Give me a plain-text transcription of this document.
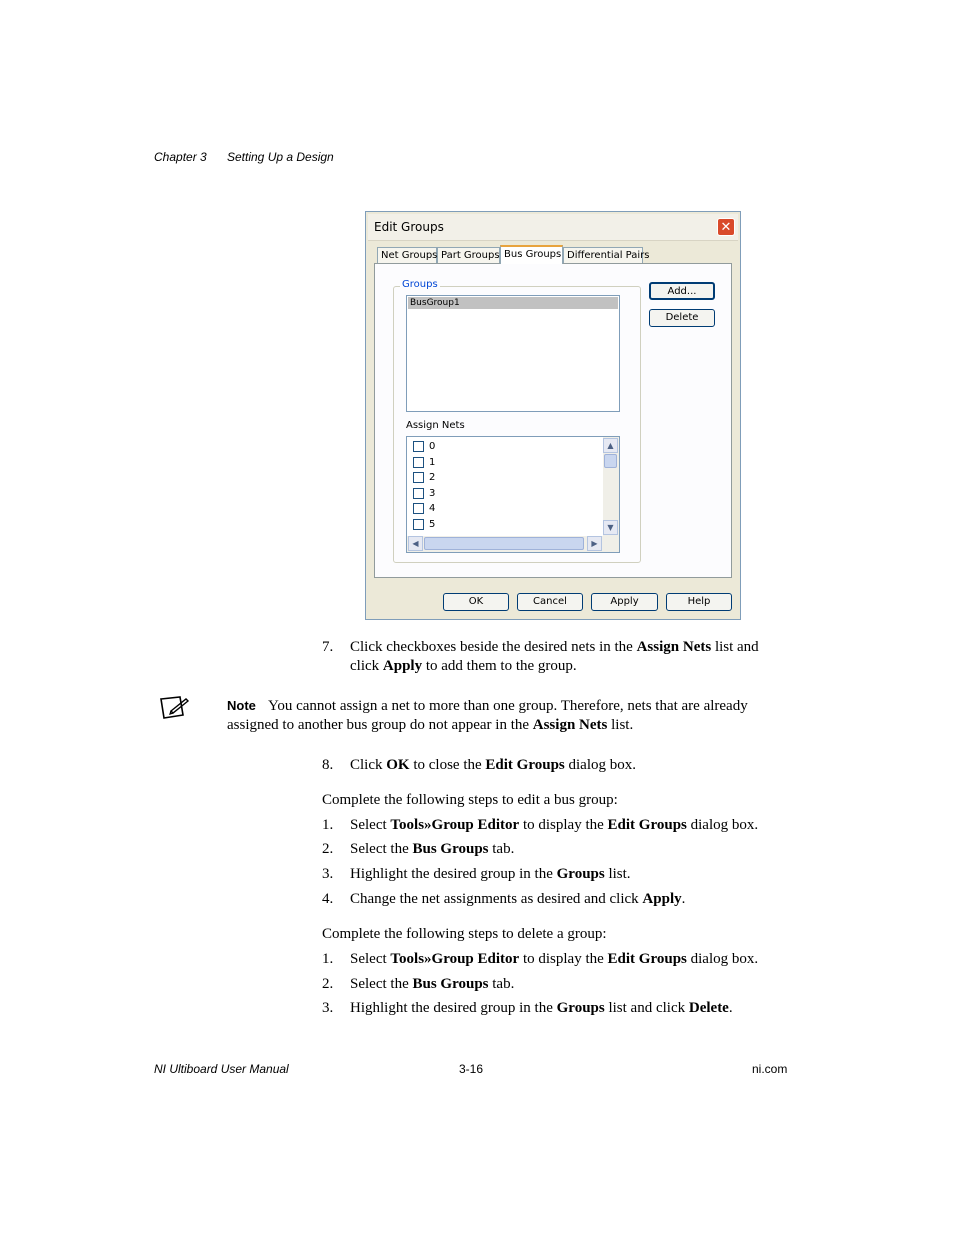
Chapter 3 Setting Up a Design
Edit Groups	✕
Net Groups Part Groups Bus Groups Differential Pairs
Groups
BusGroup1
Assign Nets
0
1
2
3
4
5
▲
▼
◀	▶
Add...
Delete
OK	Cancel	Apply	Help
7. Click checkboxes beside the desired nets in the Assign Nets list and click Apply to add them to the group.
Note You cannot assign a net to more than one group. Therefore, nets that are already assigned to another bus group do not appear in the Assign Nets list.
8. Click OK to close the Edit Groups dialog box.
Complete the following steps to edit a bus group:
1. Select Tools»Group Editor to display the Edit Groups dialog box.
2. Select the Bus Groups tab.
3. Highlight the desired group in the Groups list.
4. Change the net assignments as desired and click Apply.
Complete the following steps to delete a group:
1. Select Tools»Group Editor to display the Edit Groups dialog box.
2. Select the Bus Groups tab.
3. Highlight the desired group in the Groups list and click Delete.
NI Ultiboard User Manual	3-16	ni.com
